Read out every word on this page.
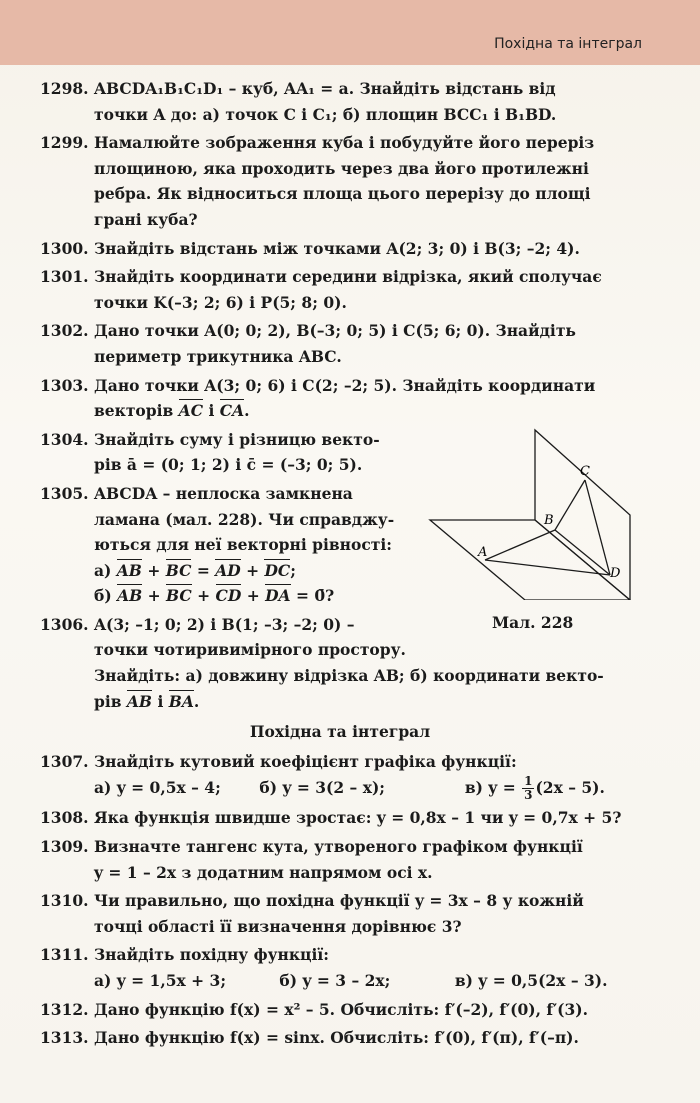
Похідна та інтеграл
1298. ABCDA₁B₁C₁D₁ – куб, AA₁ = a. Знайдіть відстань від
точки A до: а) точок C і C₁; б) площин BCC₁ і B₁BD.
1299. Намалюйте зображення куба і побудуйте його переріз
площиною, яка проходить через два його протилежні
ребра. Як відноситься площа цього перерізу до площі
грані куба?
1300. Знайдіть відстань між точками A(2; 3; 0) і B(3; –2; 4).
1301. Знайдіть координати середини відрізка, який сполучає
точки K(–3; 2; 6) і P(5; 8; 0).
1302. Дано точки A(0; 0; 2), B(–3; 0; 5) і C(5; 6; 0). Знайдіть
периметр трикутника ABC.
1303. Дано точки A(3; 0; 6) і C(2; –2; 5). Знайдіть координати
векторів AC і CA.
1304. Знайдіть суму і різницю векто-
рів ā = (0; 1; 2) і c̄ = (–3; 0; 5).
1305. ABCDA – неплоска замкнена
ламана (мал. 228). Чи справджу-
ються для неї векторні рівності:
а) AB + BC = AD + DC;
б) AB + BC + CD + DA = 0̄?
1306. A(3; –1; 0; 2) і B(1; –3; –2; 0) –
точки чотиривимірного простору.
Знайдіть: а) довжину відрізка AB; б) координати векто-
рів AB і BA.
Похідна та інтеграл
1307. Знайдіть кутовий коефіцієнт графіка функції:
а) y = 0,5x – 4; б) y = 3(2 – x);	в) $y = \frac{1}{3} (2x - 5)$.
1308. Яка функція швидше зростає: y = 0,8x – 1 чи y = 0,7x + 5?
1309. Визначте тангенс кута, утвореного графіком функції
y = 1 – 2x з додатним напрямом осі x.
1310. Чи правильно, що похідна функції y = 3x – 8 у кожній
точці області її визначення дорівнює 3?
1311. Знайдіть похідну функції:
а) y = 1,5x + 3;	б) y = 3 – 2x;	в) y = 0,5(2x – 3).
1312. Дано функцію f(x) = x² – 5. Обчисліть: f′(–2), f′(0), f′(3).
1313. Дано функцію f(x) = sinx. Обчисліть: f′(0), f′(π), f′(–π).
A
B
C
D
Мал. 228
